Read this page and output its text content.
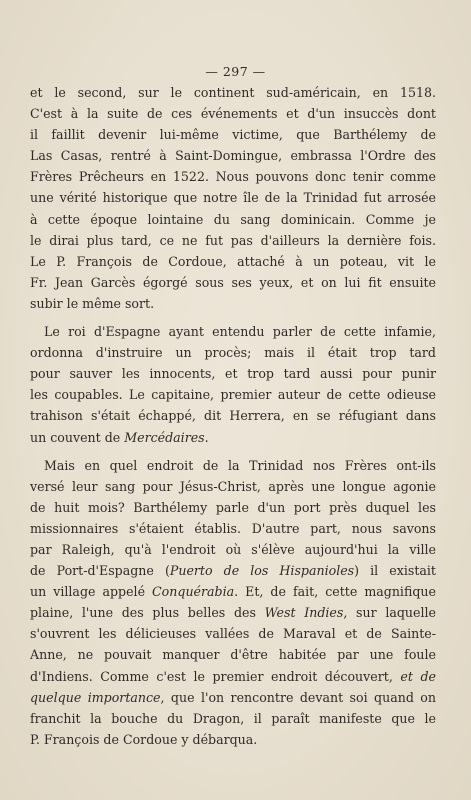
— 297 —
et le second, sur le continent sud-américain, en 1518.
C'est à la suite de ces événements et d'un insuccès dont
il faillit devenir lui-même victime, que Barthélemy de
Las Casas, rentré à Saint-Domingue, embrassa l'Ordre des
Frères Prêcheurs en 1522. Nous pouvons donc tenir comme
une vérité historique que notre île de la Trinidad fut arrosée
à cette époque lointaine du sang dominicain. Comme je
le dirai plus tard, ce ne fut pas d'ailleurs la dernière fois.
Le P. François de Cordoue, attaché à un poteau, vit le
Fr. Jean Garcès égorgé sous ses yeux, et on lui fit ensuite
subir le même sort.
Le roi d'Espagne ayant entendu parler de cette infamie,
ordonna d'instruire un procès; mais il était trop tard
pour sauver les innocents, et trop tard aussi pour punir
les coupables. Le capitaine, premier auteur de cette odieuse
trahison s'était échappé, dit Herrera, en se réfugiant dans
un couvent de Mercédaires.
Mais en quel endroit de la Trinidad nos Frères ont-ils
versé leur sang pour Jésus-Christ, après une longue agonie
de huit mois? Barthélemy parle d'un port près duquel les
missionnaires s'étaient établis. D'autre part, nous savons
par Raleigh, qu'à l'endroit où s'élève aujourd'hui la ville
de Port-d'Espagne (Puerto de los Hispanioles) il existait
un village appelé Conquérabia. Et, de fait, cette magnifique
plaine, l'une des plus belles des West Indies, sur laquelle
s'ouvrent les délicieuses vallées de Maraval et de Sainte-
Anne, ne pouvait manquer d'être habitée par une foule
d'Indiens. Comme c'est le premier endroit découvert, et de
quelque importance, que l'on rencontre devant soi quand on
franchit la bouche du Dragon, il paraît manifeste que le
P. François de Cordoue y débarqua.
